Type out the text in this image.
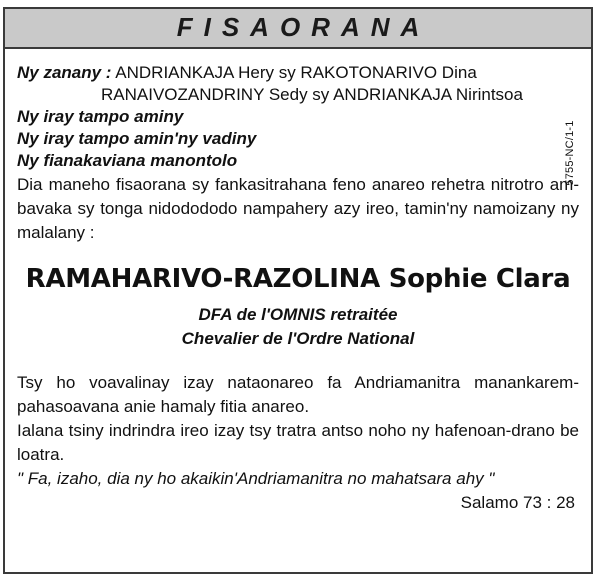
FISAORANA
5755-NC/1-1
Ny zanany : ANDRIANKAJA Hery sy RAKOTONARIVO Dina
RANAIVOZANDRINY Sedy sy ANDRIANKAJA Nirintsoa
Ny iray tampo aminy
Ny iray tampo amin'ny vadiny
Ny fianakaviana manontolo

Dia maneho fisaorana sy fankasitrahana feno anareo rehetra nitrotro am-bavaka sy tonga nidodododo nampahery azy ireo, tamin'ny namoizany ny malalany :

RAMAHARIVO-RAZOLINA Sophie Clara
DFA de l'OMNIS retraitée
Chevalier de l'Ordre National

Tsy ho voavalinay izay nataonareo fa Andriamanitra manankarem-pahasoavana anie hamaly fitia anareo.

Ialana tsiny indrindra ireo izay tsy tratra antso noho ny hafenoan-drano be loatra.

" Fa, izaho, dia ny ho akaikin'Andriamanitra no mahatsara ahy "
Salamo 73 : 28
